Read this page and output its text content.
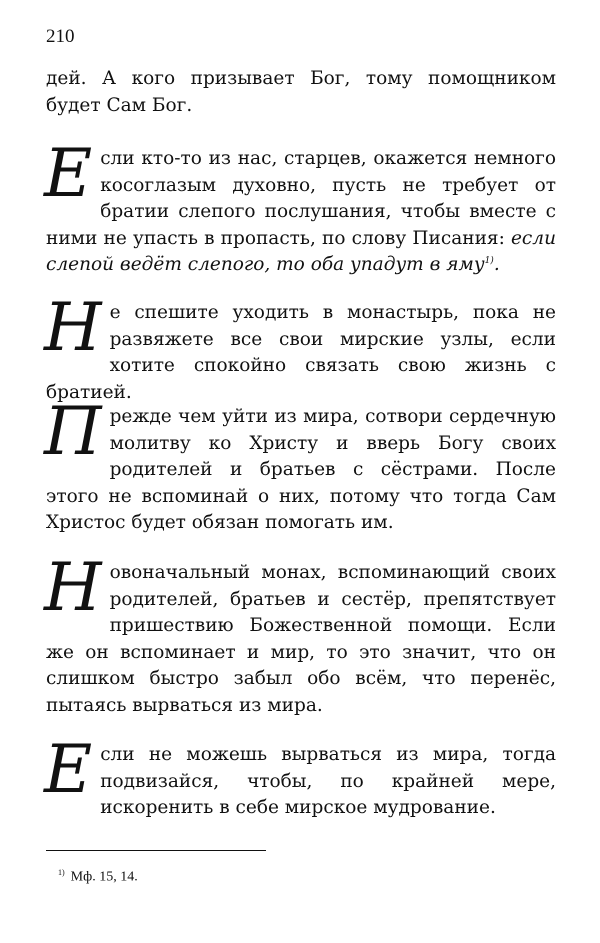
210
дей. А кого призывает Бог, тому помощником будет Сам Бог.
Если кто-то из нас, старцев, окажется немного косоглазым духовно, пусть не требует от братии слепого послушания, чтобы вместе с ними не упасть в пропасть, по слову Писания: если слепой ведёт слепого, то оба упадут в яму$^{1)}$.
Не спешите уходить в монастырь, пока не развяжете все свои мирские узлы, если хотите спокойно связать свою жизнь с братией.
Прежде чем уйти из мира, сотвори сердечную молитву ко Христу и вверь Богу своих родителей и братьев с сёстрами. После этого не вспоминай о них, потому что тогда Сам Христос будет обязан помогать им.
Новоначальный монах, вспоминающий своих родителей, братьев и сестёр, препятствует пришествию Божественной помощи. Если же он вспоминает и мир, то это значит, что он слишком быстро забыл обо всём, что перенёс, пытаясь вырваться из мира.
Если не можешь вырваться из мира, тогда подвизайся, чтобы, по крайней мере, искоренить в себе мирское мудрование.
$^{1)}$ Мф. 15, 14.
